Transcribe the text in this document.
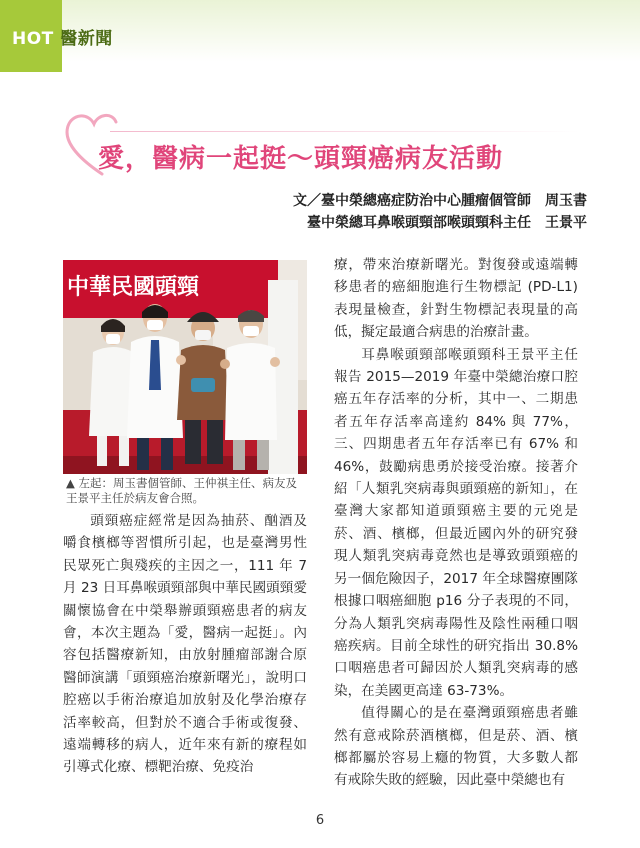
HOT 醫新聞
愛，醫病一起挺～頭頸癌病友活動
文／臺中榮總癌症防治中心腫瘤個管師　周玉書
臺中榮總耳鼻喉頭頸部喉頭頸科主任　王景平
中華民國頭頸
▲ 左起：周玉書個管師、王仲祺主任、病友及王景平主任於病友會合照。

頭頸癌症經常是因為抽菸、酗酒及嚼食檳榔等習慣所引起，也是臺灣男性民眾死亡與殘疾的主因之一，111 年 7 月 23 日耳鼻喉頭頸部與中華民國頭頸愛關懷協會在中榮舉辦頭頸癌患者的病友會，本次主題為「愛，醫病一起挺」。內容包括醫療新知，由放射腫瘤部謝合原醫師演講「頭頸癌治療新曙光」，說明口腔癌以手術治療追加放射及化學治療存活率較高，但對於不適合手術或復發、遠端轉移的病人，近年來有新的療程如引導式化療、標靶治療、免疫治

療，帶來治療新曙光。對復發或遠端轉移患者的癌細胞進行生物標記 (PD-L1) 表現量檢查，針對生物標記表現量的高低，擬定最適合病患的治療計畫。

耳鼻喉頭頸部喉頭頸科王景平主任報告 2015—2019 年臺中榮總治療口腔癌五年存活率的分析，其中一、二期患者五年存活率高達約 84% 與 77%，三、四期患者五年存活率已有 67% 和 46%，鼓勵病患勇於接受治療。接著介紹「人類乳突病毒與頭頸癌的新知」，在臺灣大家都知道頭頸癌主要的元兇是菸、酒、檳榔，但最近國內外的研究發現人類乳突病毒竟然也是導致頭頸癌的另一個危險因子，2017 年全球醫療團隊根據口咽癌細胞 p16 分子表現的不同，分為人類乳突病毒陽性及陰性兩種口咽癌疾病。目前全球性的研究指出 30.8% 口咽癌患者可歸因於人類乳突病毒的感染，在美國更高達 63-73%。

值得關心的是在臺灣頭頸癌患者雖然有意戒除菸酒檳榔，但是菸、酒、檳榔都屬於容易上癮的物質，大多數人都有戒除失敗的經驗，因此臺中榮總也有

6
